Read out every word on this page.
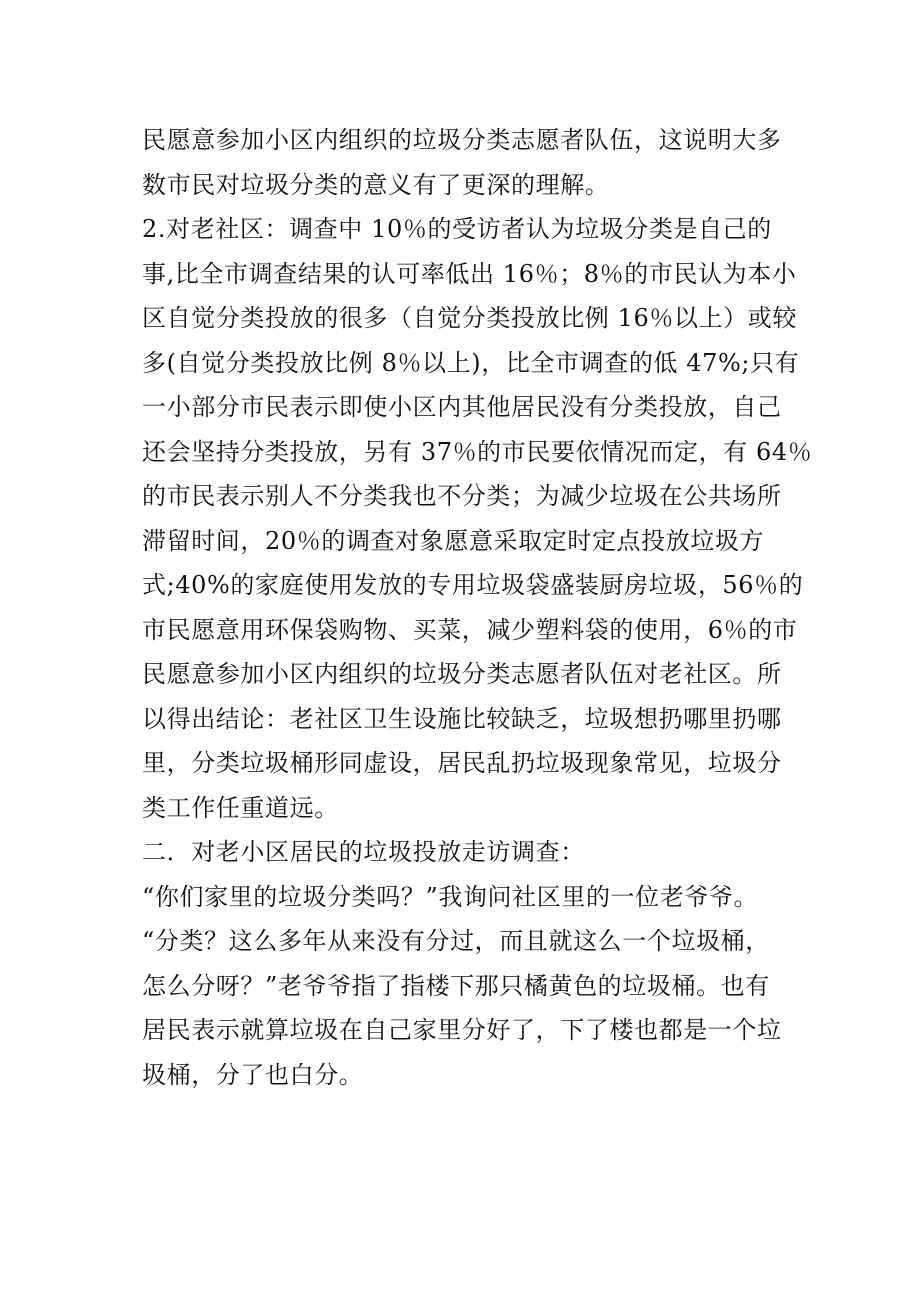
民愿意参加小区内组织的垃圾分类志愿者队伍，这说明大多
数市民对垃圾分类的意义有了更深的理解。
2.对老社区：调查中 10％的受访者认为垃圾分类是自己的
事,比全市调查结果的认可率低出 16％；8％的市民认为本小
区自觉分类投放的很多（自觉分类投放比例 16％以上）或较
多(自觉分类投放比例 8％以上)，比全市调查的低 47%;只有
一小部分市民表示即使小区内其他居民没有分类投放，自己
还会坚持分类投放，另有 37％的市民要依情况而定，有 64％
的市民表示别人不分类我也不分类；为减少垃圾在公共场所
滞留时间，20％的调查对象愿意采取定时定点投放垃圾方
式;40%的家庭使用发放的专用垃圾袋盛装厨房垃圾，56％的
市民愿意用环保袋购物、买菜，减少塑料袋的使用，6％的市
民愿意参加小区内组织的垃圾分类志愿者队伍对老社区。所
以得出结论：老社区卫生设施比较缺乏，垃圾想扔哪里扔哪
里，分类垃圾桶形同虚设，居民乱扔垃圾现象常见，垃圾分
类工作任重道远。
二．对老小区居民的垃圾投放走访调查：
“你们家里的垃圾分类吗？”我询问社区里的一位老爷爷。
“分类？这么多年从来没有分过，而且就这么一个垃圾桶，
怎么分呀？”老爷爷指了指楼下那只橘黄色的垃圾桶。也有
居民表示就算垃圾在自己家里分好了，下了楼也都是一个垃
圾桶，分了也白分。
